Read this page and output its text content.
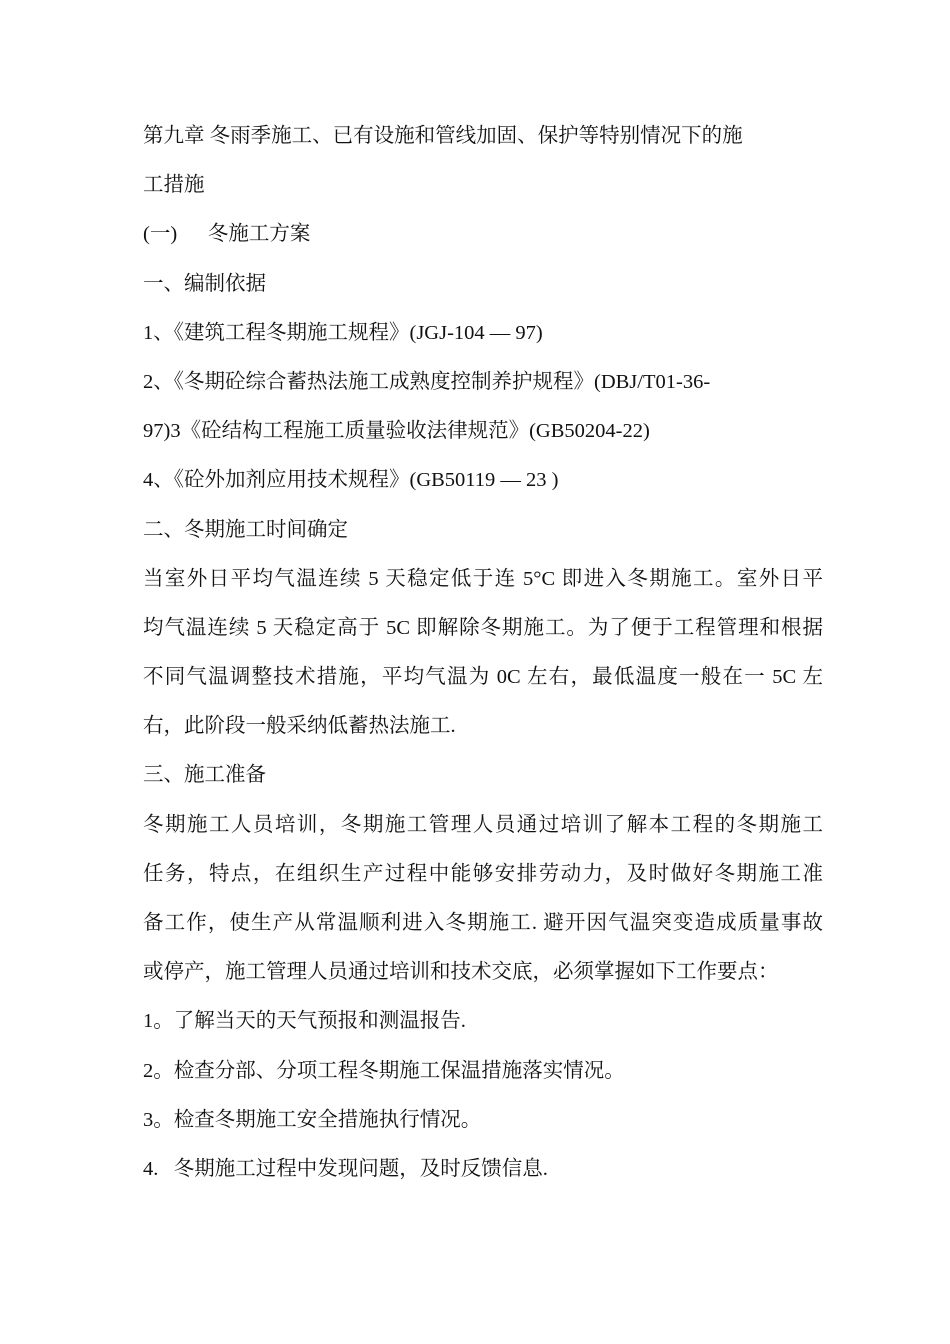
第九章 冬雨季施工、已有设施和管线加固、保护等特别情况下的施
工措施
(一)      冬施工方案
一、编制依据
1、《建筑工程冬期施工规程》(JGJ-104 — 97)
2、《冬期砼综合蓄热法施工成熟度控制养护规程》(DBJ/T01-36-
97)3《砼结构工程施工质量验收法律规范》(GB50204-22)
4、《砼外加剂应用技术规程》(GB50119 — 23 )
二、冬期施工时间确定
当室外日平均气温连续 5 天稳定低于连 5°C 即进入冬期施工。室外日平
均气温连续 5 天稳定高于 5C 即解除冬期施工。为了便于工程管理和根据
不同气温调整技术措施，平均气温为 0C 左右，最低温度一般在一 5C 左
右，此阶段一般采纳低蓄热法施工.
三、施工准备
冬期施工人员培训，冬期施工管理人员通过培训了解本工程的冬期施工
任务，特点，在组织生产过程中能够安排劳动力，及时做好冬期施工准
备工作，使生产从常温顺利进入冬期施工. 避开因气温突变造成质量事故
或停产，施工管理人员通过培训和技术交底，必须掌握如下工作要点：
1。了解当天的天气预报和测温报告.
2。检查分部、分项工程冬期施工保温措施落实情况。
3。检查冬期施工安全措施执行情况。
4.   冬期施工过程中发现问题，及时反馈信息.
